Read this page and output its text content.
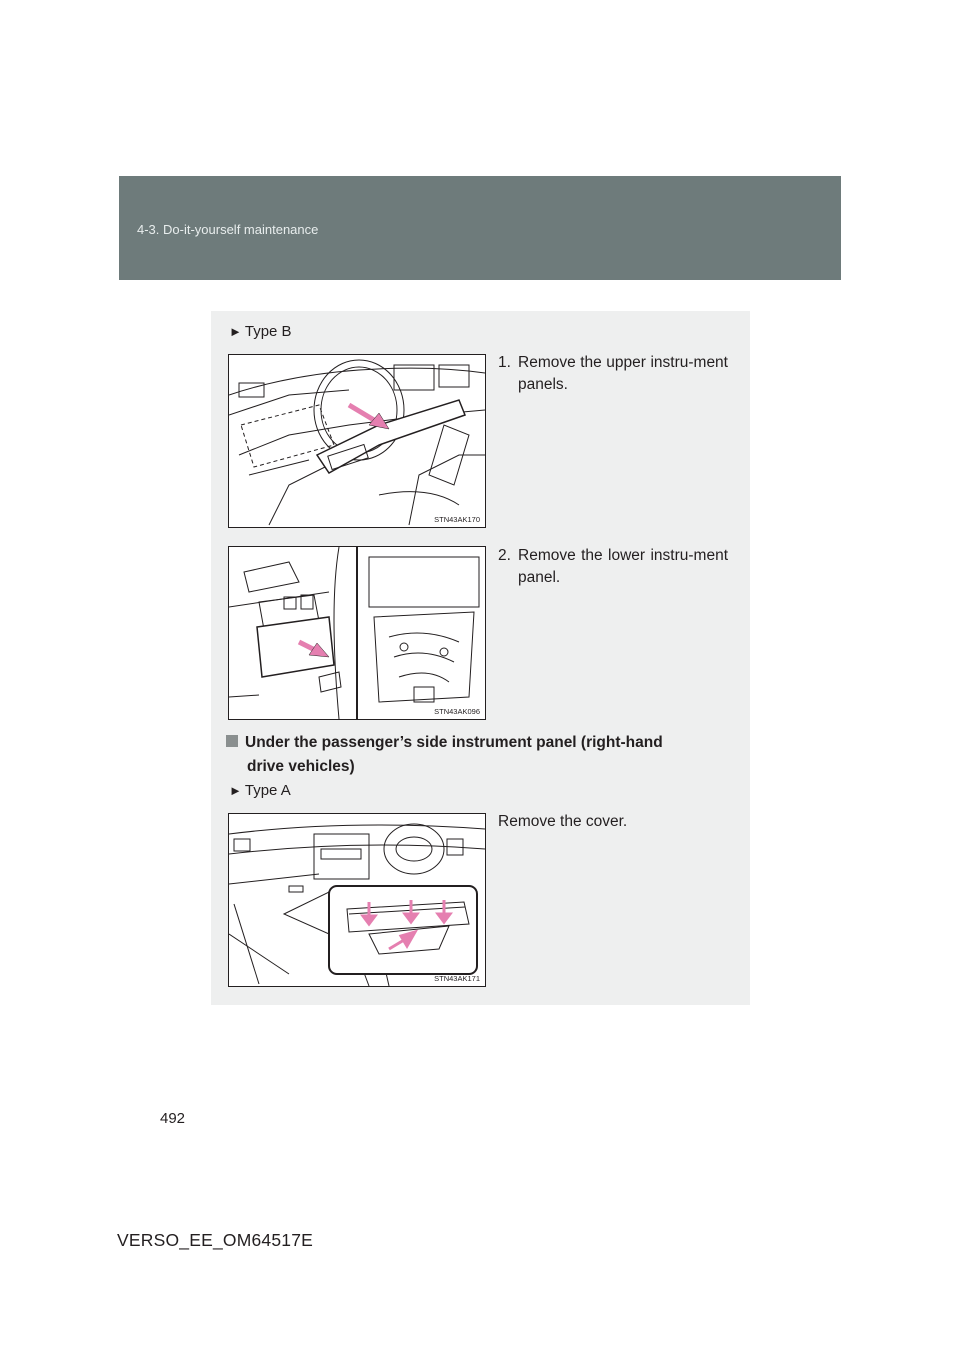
4-3. Do-it-yourself maintenance
► Type B
1. Remove the upper instru-ment panels.
STN43AK170
2. Remove the lower instru-ment panel.
STN43AK096
Under the passenger’s side instrument panel (right-hand
drive vehicles)
► Type A
Remove the cover.
STN43AK171
492
VERSO_EE_OM64517E
